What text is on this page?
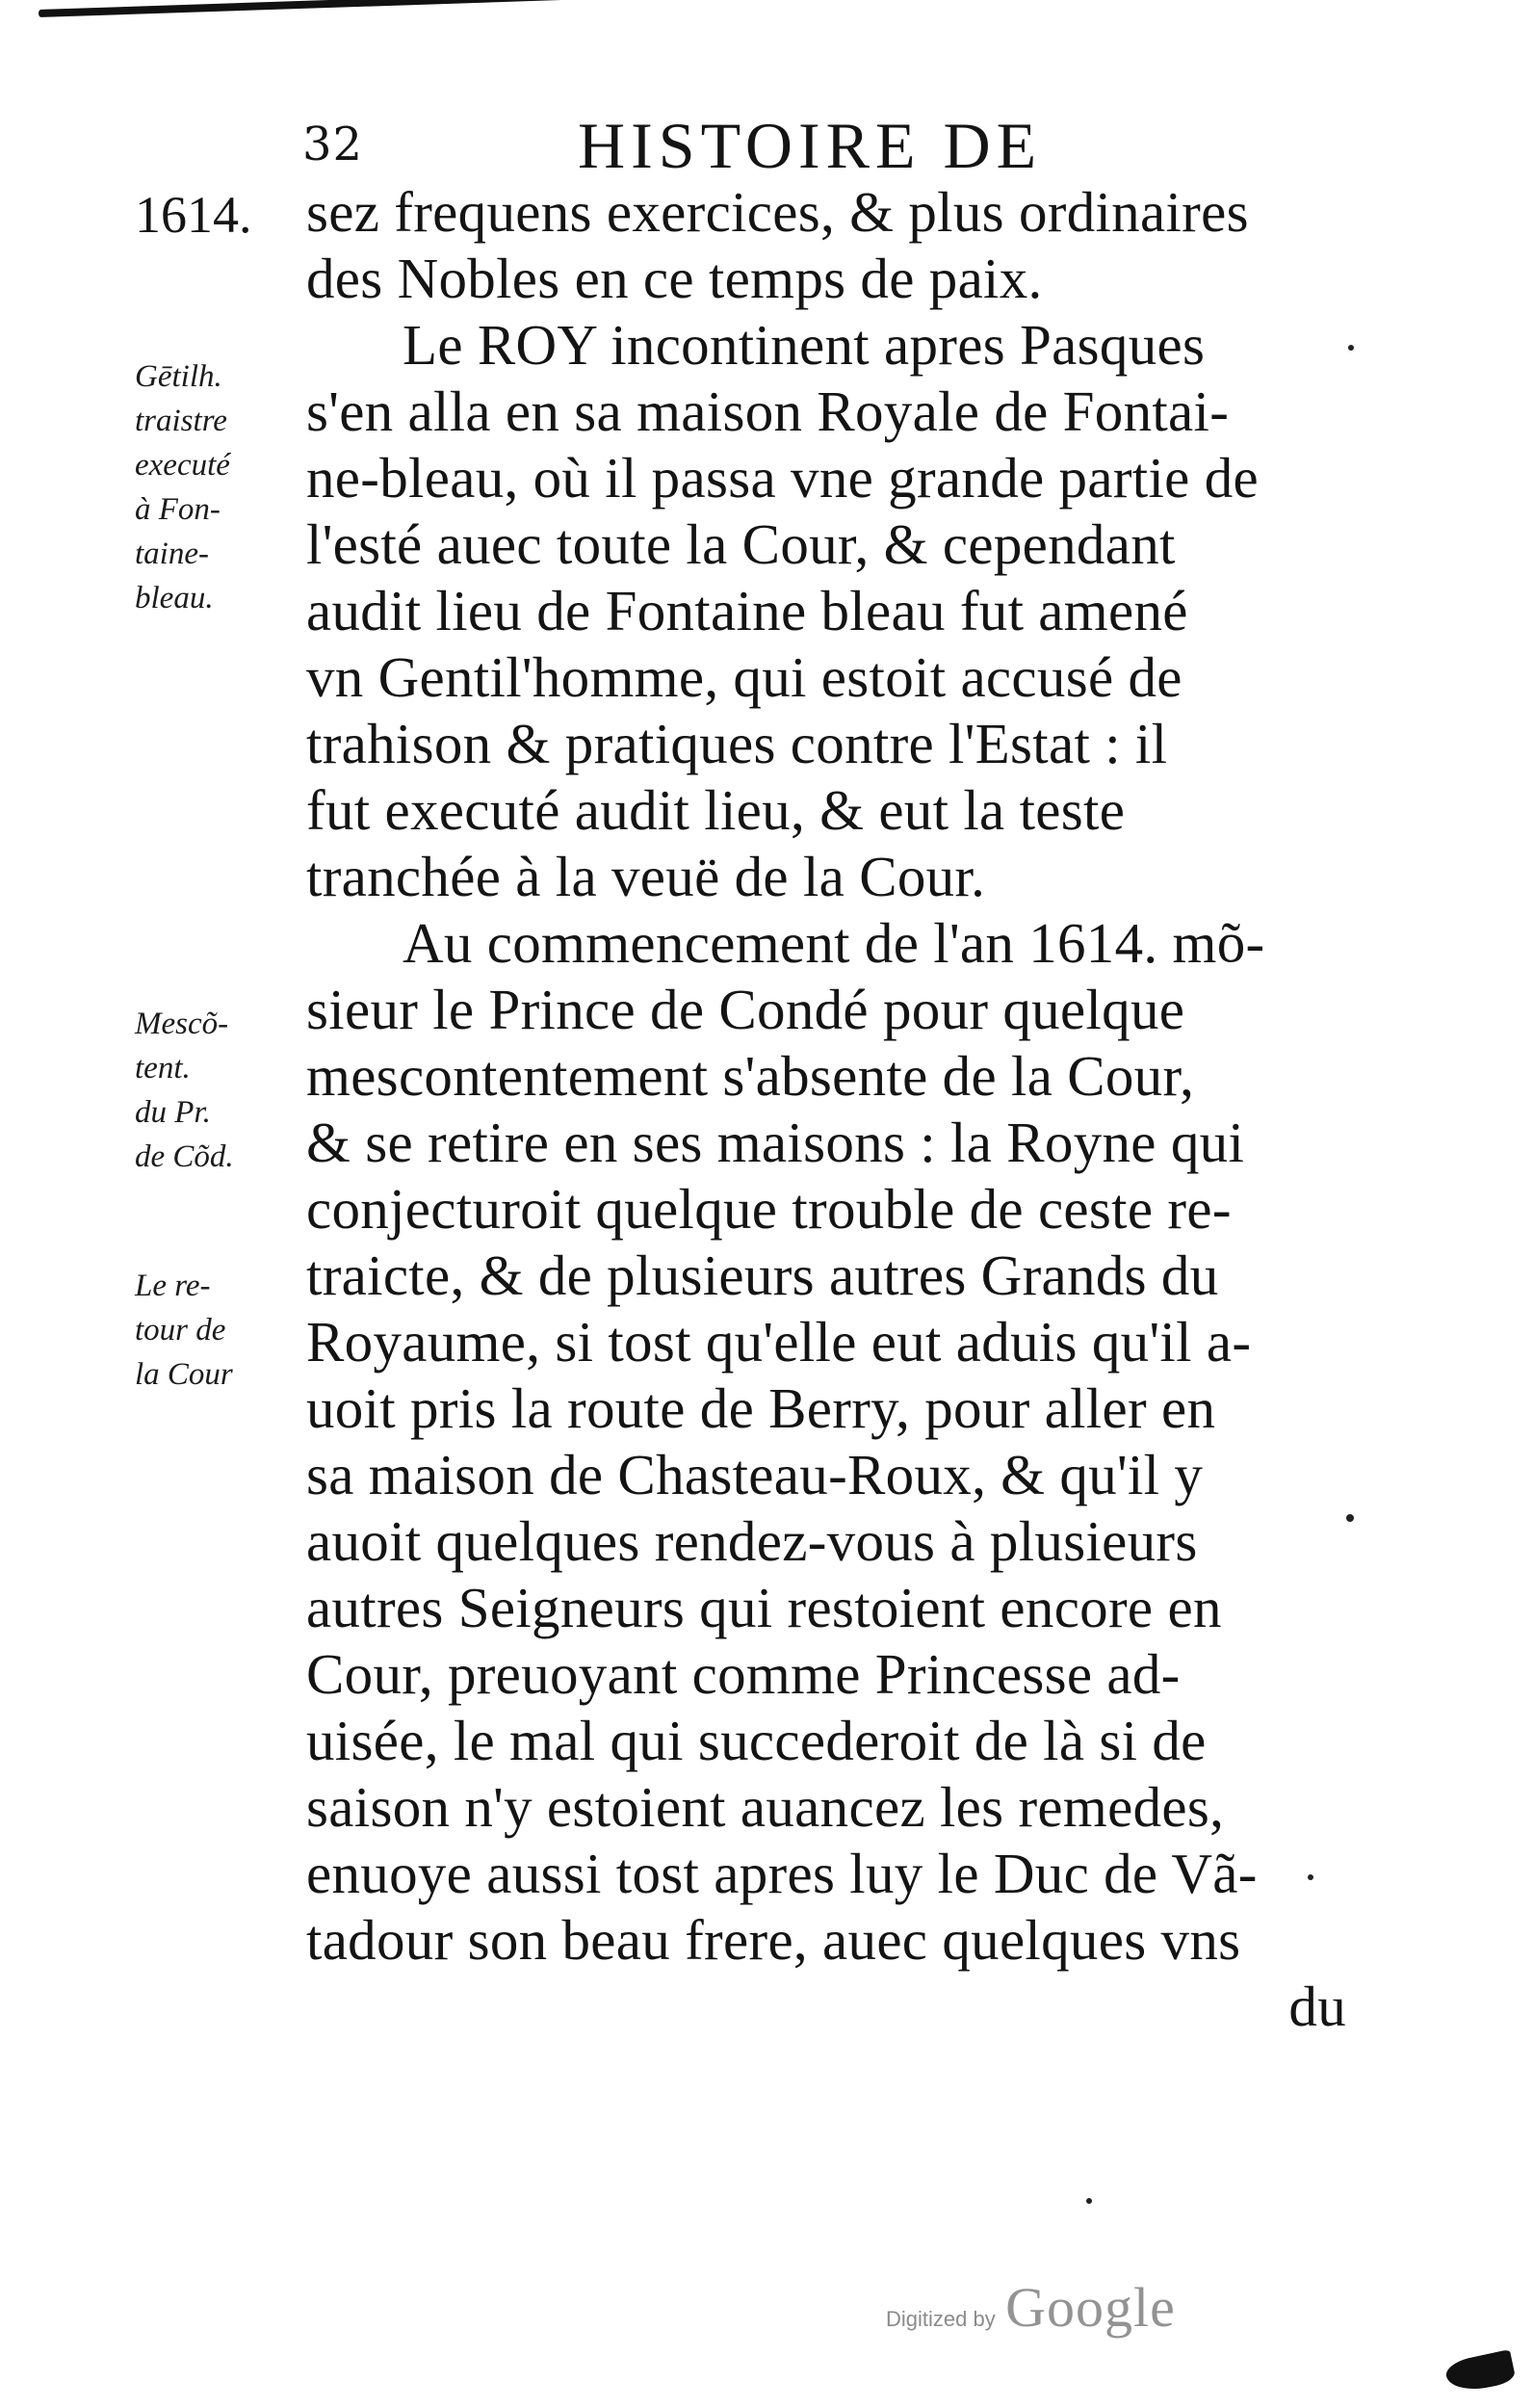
32	HISTOIRE DE
1614.
Gētilh.
traistre
executé
à Fon-
taine-
bleau.
Mescõ-
tent.
du Pr.
de Cõd.
Le re-
tour de
la Cour
sez frequens exercices, & plus ordinaires
des Nobles en ce temps de paix.
Le ROY incontinent apres Pasques
s'en alla en sa maison Royale de Fontai-
ne-bleau, où il passa vne grande partie de
l'esté auec toute la Cour, & cependant
audit lieu de Fontaine bleau fut amené
vn Gentil'homme, qui estoit accusé de
trahison & pratiques contre l'Estat : il
fut executé audit lieu, & eut la teste
tranchée à la veuë de la Cour.
Au commencement de l'an 1614. mõ-
sieur le Prince de Condé pour quelque
mescontentement s'absente de la Cour,
& se retire en ses maisons : la Royne qui
conjecturoit quelque trouble de ceste re-
traicte, & de plusieurs autres Grands du
Royaume, si tost qu'elle eut aduis qu'il a-
uoit pris la route de Berry, pour aller en
sa maison de Chasteau-Roux, & qu'il y
auoit quelques rendez-vous à plusieurs
autres Seigneurs qui restoient encore en
Cour, preuoyant comme Princesse ad-
uisée, le mal qui succederoit de là si de
saison n'y estoient auancez les remedes,
enuoye aussi tost apres luy le Duc de Vã-
tadour son beau frere, auec quelques vns
du
Digitized by Google
